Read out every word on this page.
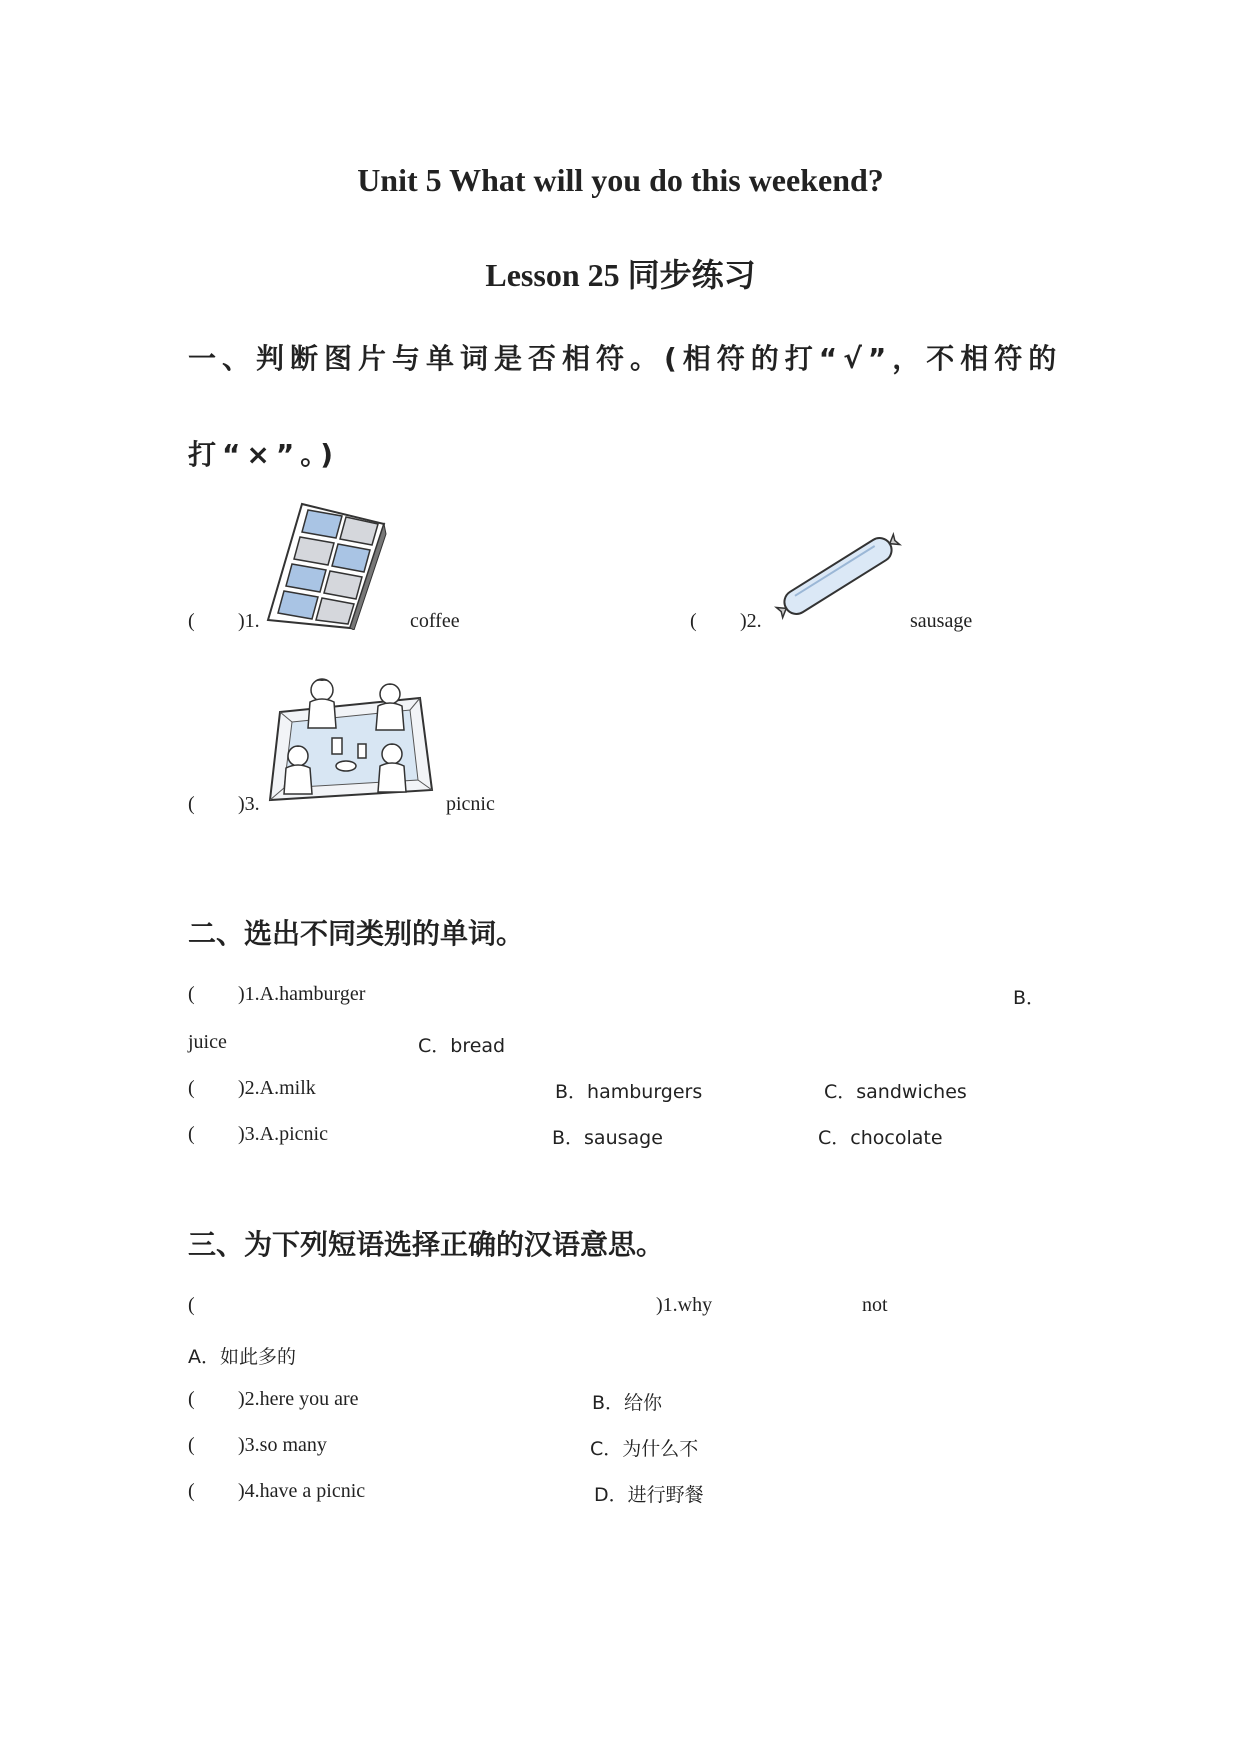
Unit 5 What will you do this weekend?
Lesson 25 同步练习
一、判断图片与单词是否相符。(相符的打“√”，不相符的
打“×”。)
( )1.	coffee	( )2.	sausage
( )3.	picnic
二、选出不同类别的单词。
( )1.A.hamburger	B．
juice	C．bread
( )2.A.milk	B．hamburgers	C．sandwiches
( )3.A.picnic	B．sausage	C．chocolate
三、为下列短语选择正确的汉语意思。
(	)1.why	not
A．如此多的
( )2.here you are	B．给你
( )3.so many	C．为什么不
( )4.have a picnic	D．进行野餐
